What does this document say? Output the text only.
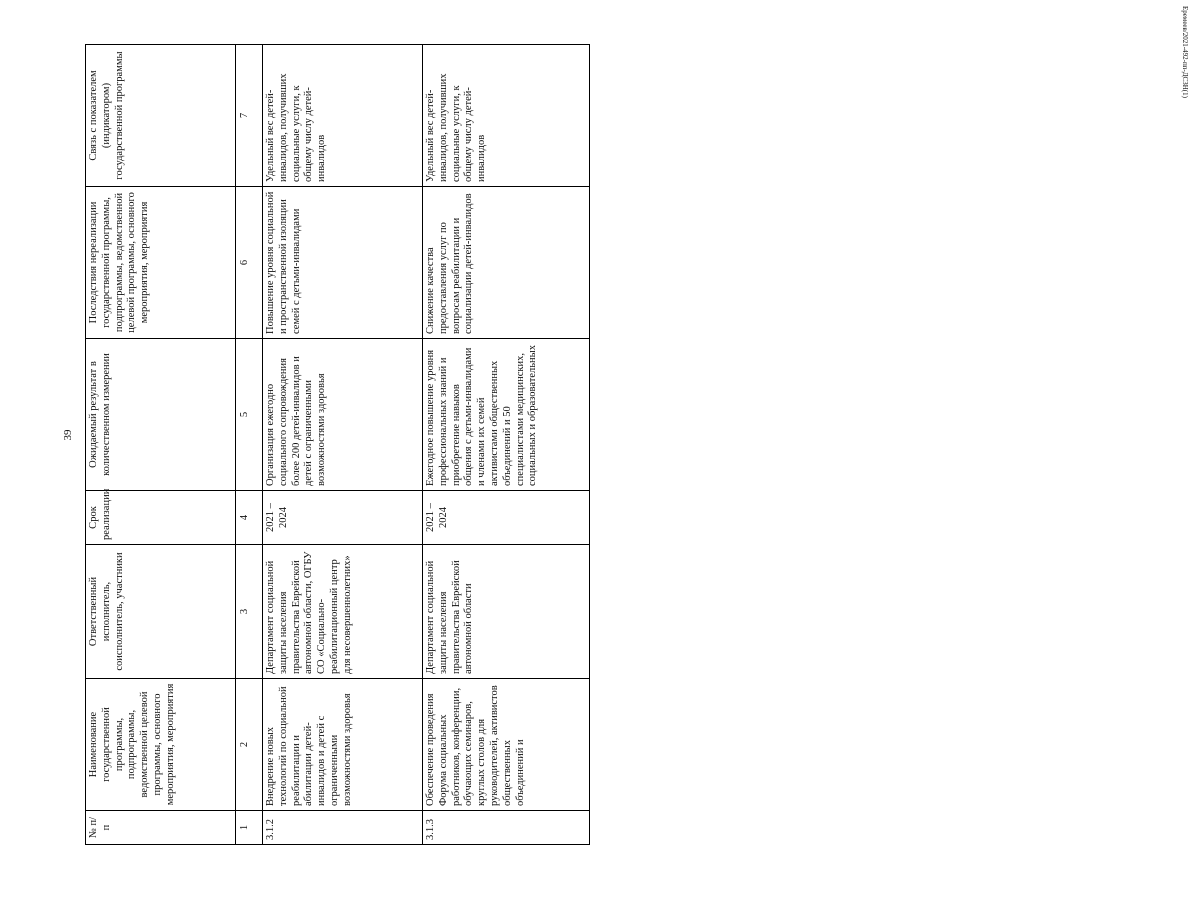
39
Еремеев/2021-492-пп-ДСЗН(1)
№ п/п	Наименование государственной программы, подпрограммы, ведомственной целевой программы, основного мероприятия, мероприятия	Ответственный исполнитель, соисполнитель, участники	Срок реализации	Ожидаемый результат в количественном измерении	Последствия нереализации государственной программы, подпрограммы, ведомственной целевой программы, основного мероприятия, мероприятия	Связь с показателем (индикатором) государственной программы
1	2	3	4	5	6	7
3.1.2	Внедрение новых технологий по социальной реабилитации и абилитации детей-инвалидов и детей с ограниченными возможностями здоровья	Департамент социальной защиты населения правительства Еврейской автономной области, ОГБУ СО «Социально-реабилитационный центр для несовершеннолетних»	2021 – 2024	Организация ежегодно социального сопровождения более 200 детей-инвалидов и детей с ограниченными возможностями здоровья	Повышение уровня социальной и пространственной изоляции семей с детьми-инвалидами	Удельный вес детей-инвалидов, получивших социальные услуги, к общему числу детей-инвалидов
3.1.3	Обеспечение проведения Форума социальных работников, конференции, обучающих семинаров, круглых столов для руководителей, активистов общественных объединений и	Департамент социальной защиты населения правительства Еврейской автономной области	2021 – 2024	Ежегодное повышение уровня профессиональных знаний и приобретение навыков общения с детьми-инвалидами и членами их семей активистами общественных объединений и 50 специалистами медицинских, социальных и образовательных	Снижение качества предоставления услуг по вопросам реабилитации и социализации детей-инвалидов	Удельный вес детей-инвалидов, получивших социальные услуги, к общему числу детей-инвалидов
